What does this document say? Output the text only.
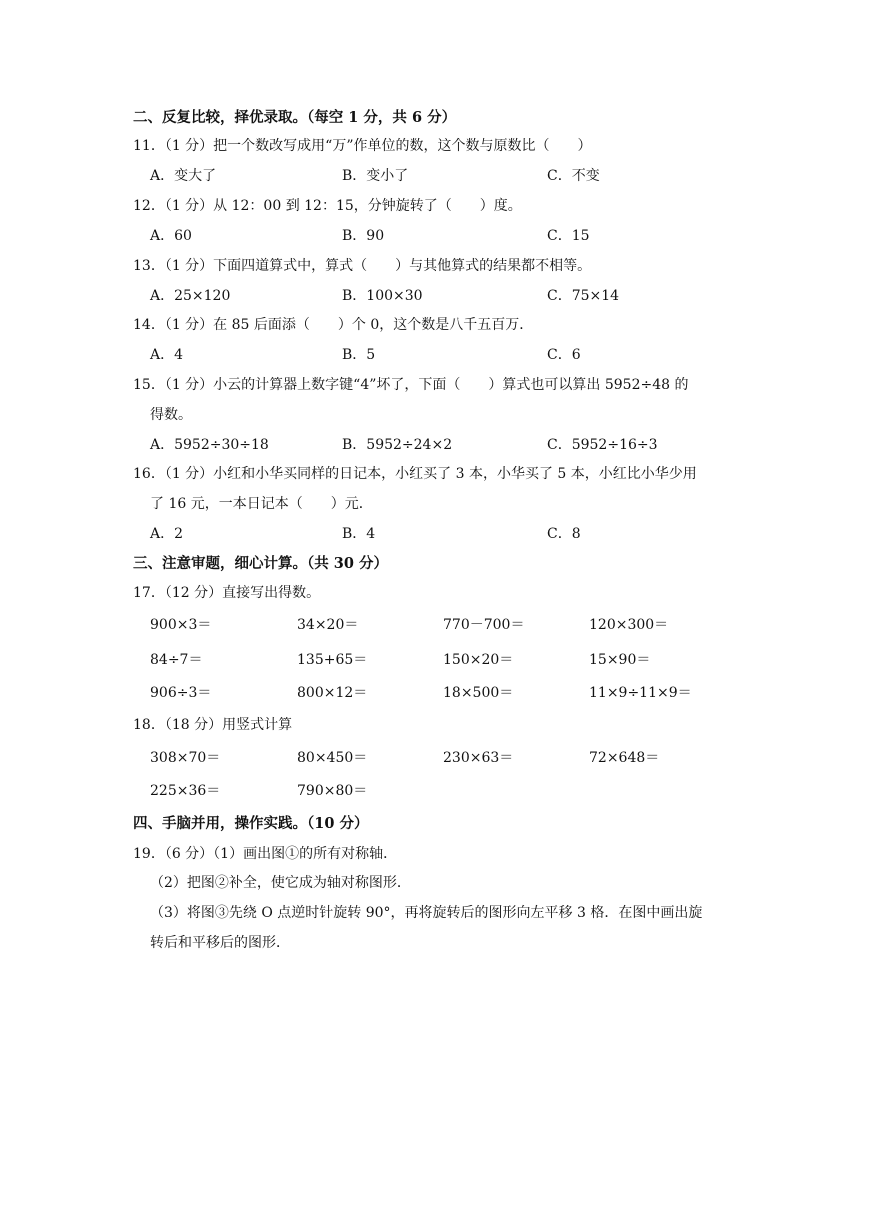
二、反复比较，择优录取。（每空 1 分，共 6 分）
11．（1 分）把一个数改写成用“万”作单位的数，这个数与原数比（　　）
A．变大了	B．变小了	C．不变
12．（1 分）从 12：00 到 12：15，分钟旋转了（　　）度。
A．60	B．90	C．15
13．（1 分）下面四道算式中，算式（　　）与其他算式的结果都不相等。
A．25×120	B．100×30	C．75×14
14．（1 分）在 85 后面添（　　）个 0，这个数是八千五百万．
A．4	B．5	C．6
15．（1 分）小云的计算器上数字键“4”坏了，下面（　　）算式也可以算出 5952÷48 的
得数。
A．5952÷30÷18	B．5952÷24×2	C．5952÷16÷3
16．（1 分）小红和小华买同样的日记本，小红买了 3 本，小华买了 5 本，小红比小华少用
了 16 元，一本日记本（　　）元．
A．2	B．4	C．8
三、注意审题，细心计算。（共 30 分）
17．（12 分）直接写出得数。
900×3＝	34×20＝	770－700＝	120×300＝
84÷7＝	135+65＝	150×20＝	15×90＝
906÷3＝	800×12＝	18×500＝	11×9÷11×9＝
18．（18 分）用竖式计算
308×70＝	80×450＝	230×63＝	72×648＝
225×36＝	790×80＝
四、手脑并用，操作实践。（10 分）
19．（6 分）（1）画出图①的所有对称轴．
（2）把图②补全，使它成为轴对称图形．
（3）将图③先绕 O 点逆时针旋转 90°，再将旋转后的图形向左平移 3 格．在图中画出旋
转后和平移后的图形．
